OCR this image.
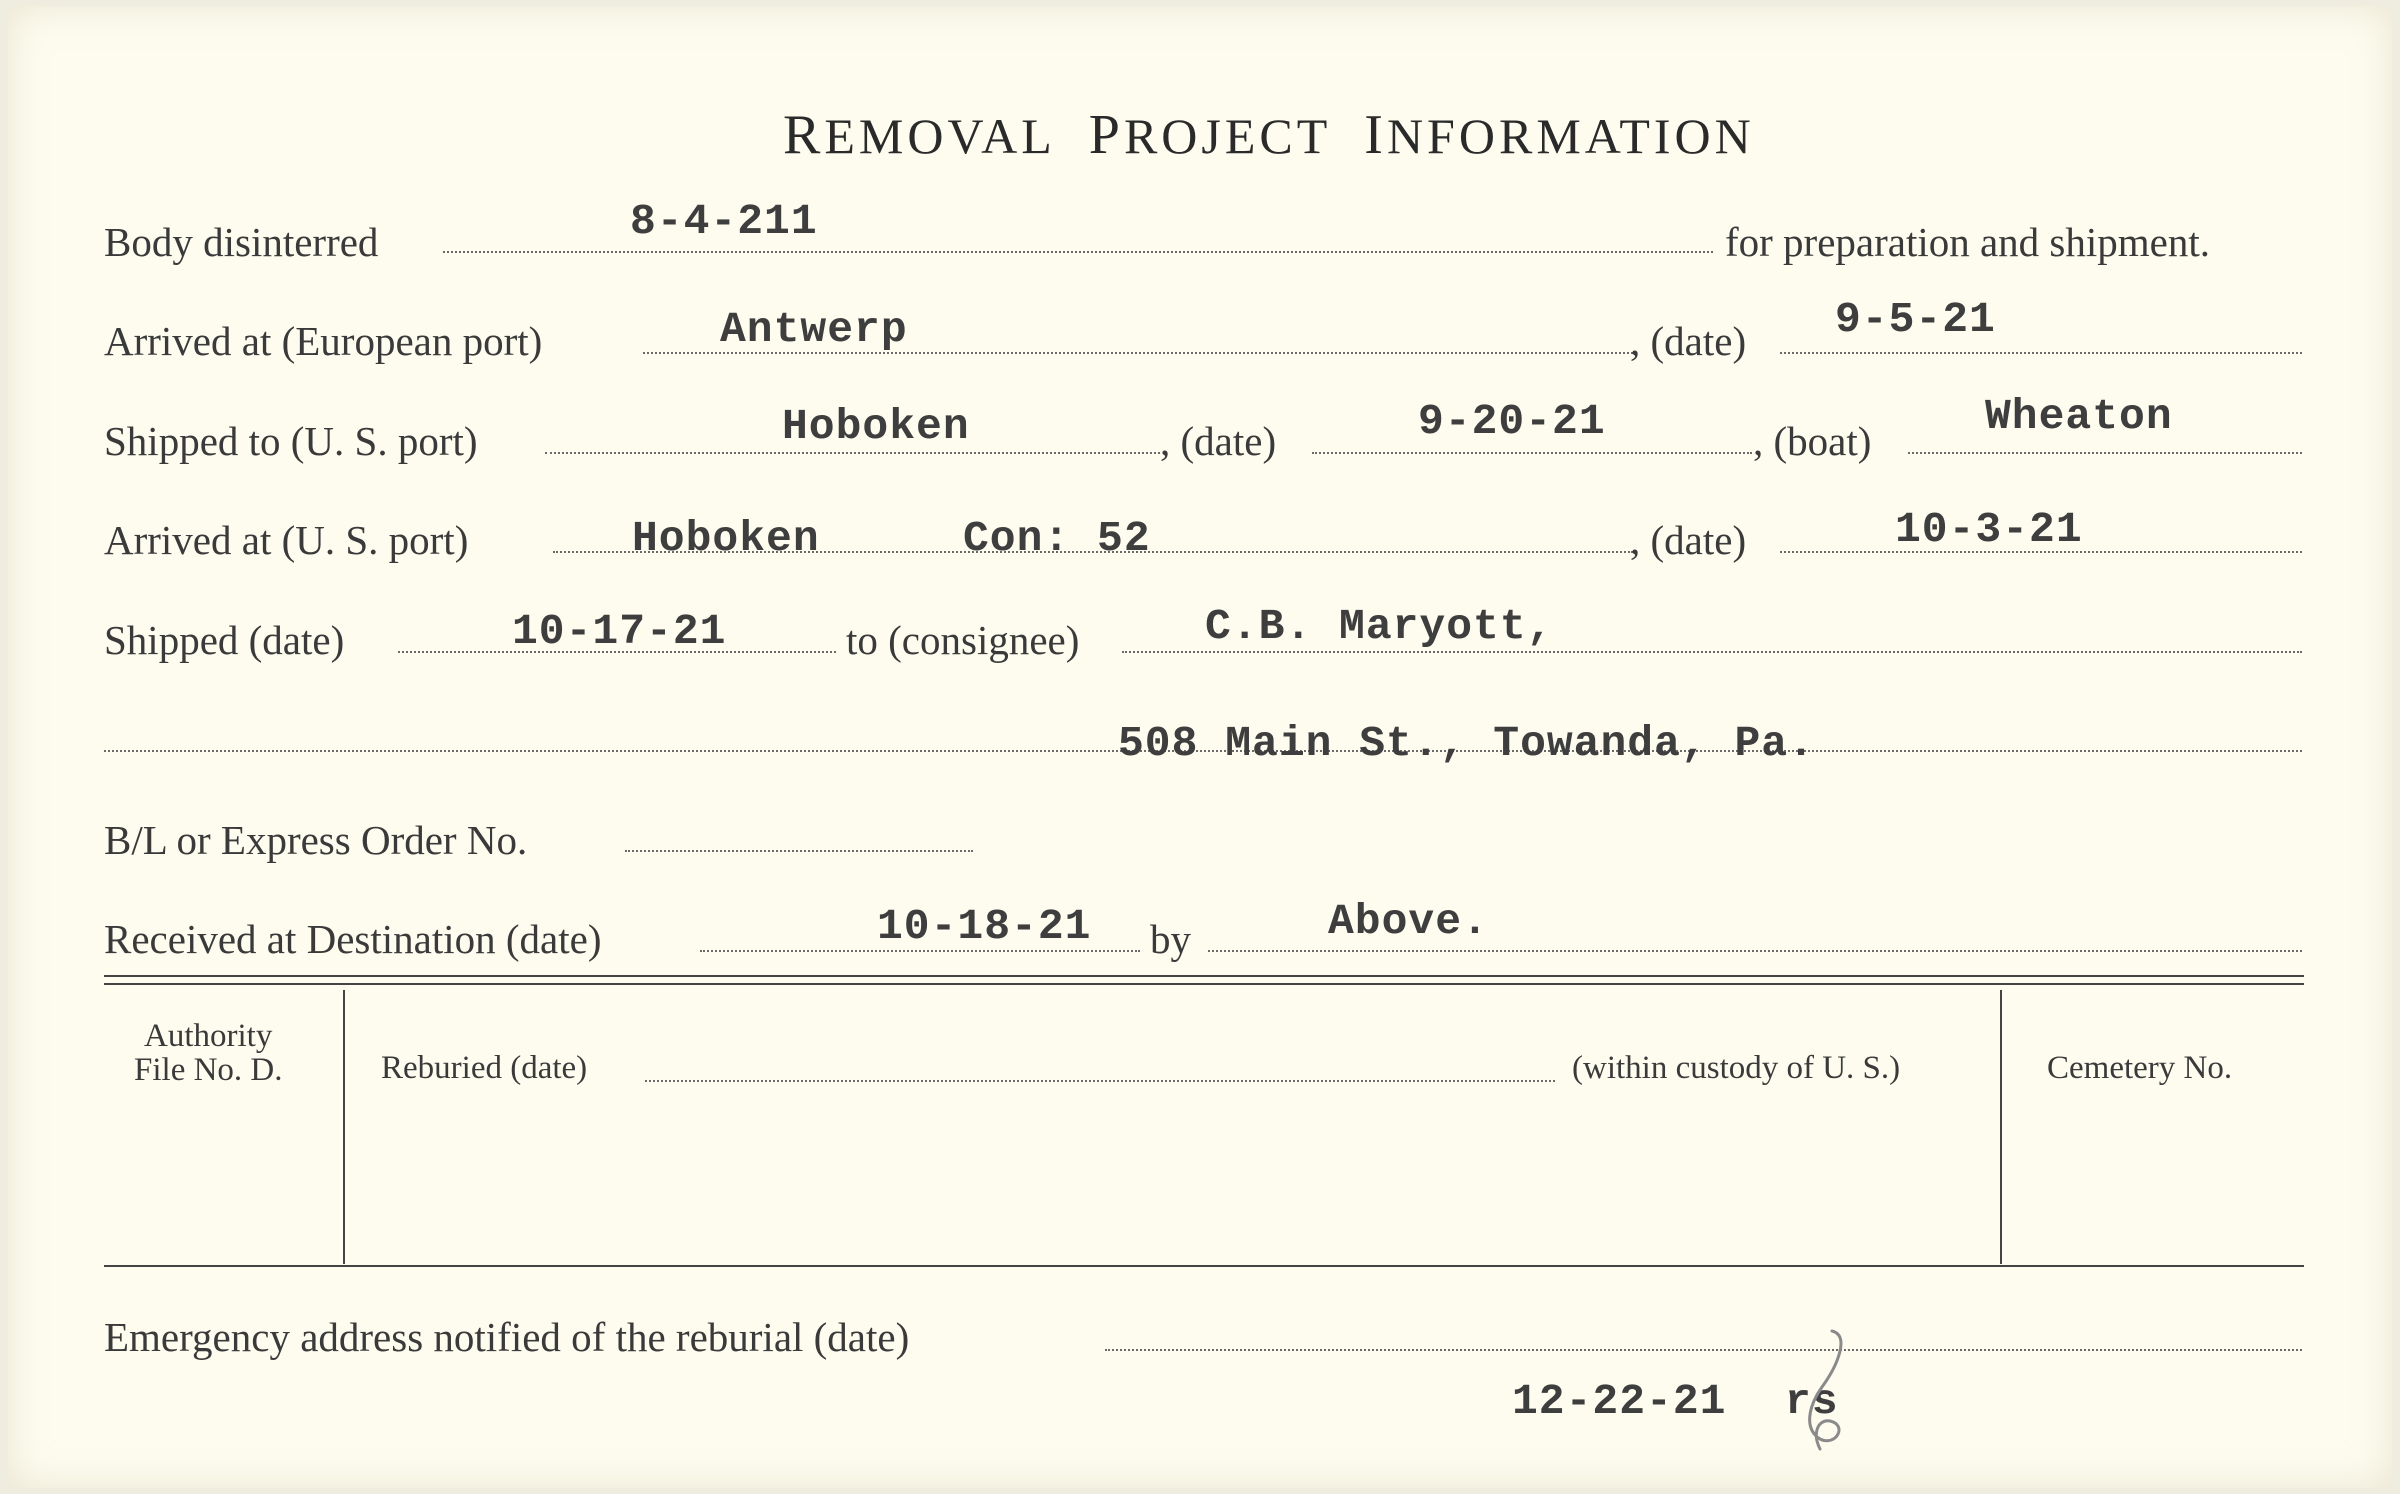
REMOVAL PROJECT INFORMATION
Body disinterred	8-4-211	for preparation and shipment.
Arrived at (European port)	Antwerp	, (date) 9-5-21
Shipped to (U. S. port)	Hoboken	, (date)	9-20-21	, (boat)	Wheaton
Arrived at (U. S. port)	Hoboken	Con: 52	, (date)	10-3-21
Shipped (date)	10-17-21	to (consignee)	C.B. Maryott,
508 Main St., Towanda, Pa.
B/L or Express Order No.
Received at Destination (date)	10-18-21 by	Above.
Authority
File No. D.	Reburied (date)	(within custody of U. S.)	Cemetery No.
Emergency address notified of the reburial (date)
12-22-21 rs
